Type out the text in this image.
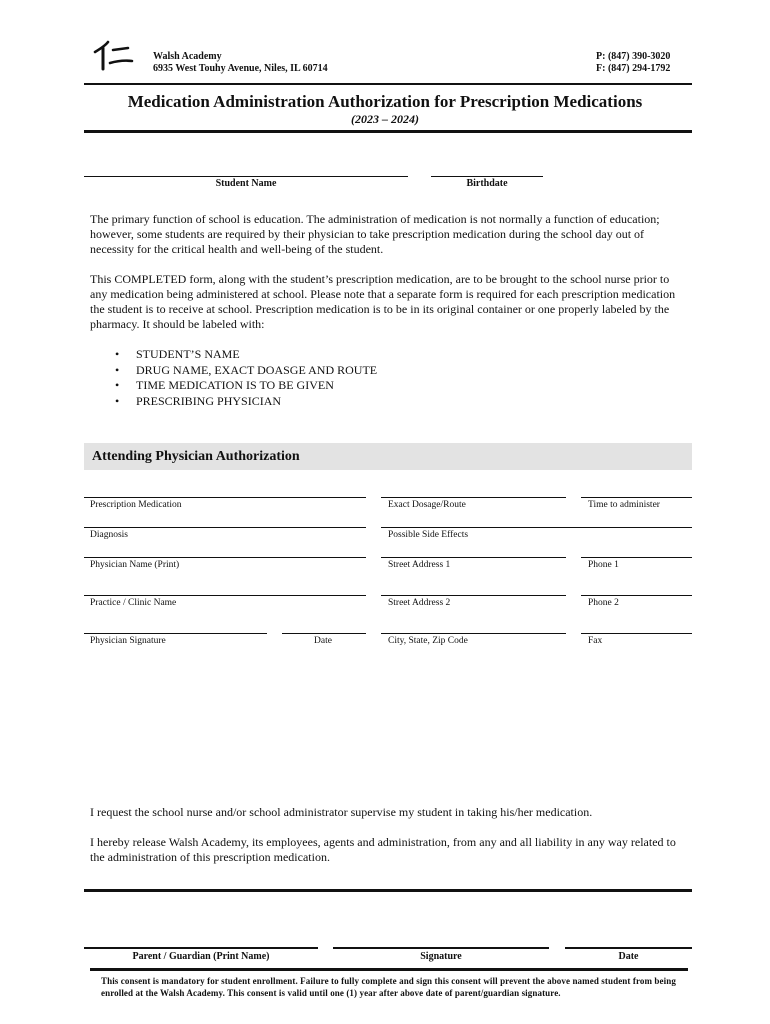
Walsh Academy
6935 West Touhy Avenue, Niles, IL 60714
P: (847) 390-3020
F: (847) 294-1792
Medication Administration Authorization for Prescription Medications
(2023 – 2024)
Student Name	Birthdate
The primary function of school is education. The administration of medication is not normally a function of education; however, some students are required by their physician to take prescription medication during the school day out of necessity for the critical health and well-being of the student.
This COMPLETED form, along with the student’s prescription medication, are to be brought to the school nurse prior to any medication being administered at school. Please note that a separate form is required for each prescription medication the student is to receive at school. Prescription medication is to be in its original container or one properly labeled by the pharmacy. It should be labeled with:
• STUDENT’S NAME
• DRUG NAME, EXACT DOASGE AND ROUTE
• TIME MEDICATION IS TO BE GIVEN
• PRESCRIBING PHYSICIAN
Attending Physician Authorization
Prescription Medication	Exact Dosage/Route	Time to administer
Diagnosis	Possible Side Effects
Physician Name (Print)	Street Address 1	Phone 1
Practice / Clinic Name	Street Address 2	Phone 2
Physician Signature	Date	City, State, Zip Code	Fax
I request the school nurse and/or school administrator supervise my student in taking his/her medication.
I hereby release Walsh Academy, its employees, agents and administration, from any and all liability in any way related to the administration of this prescription medication.
Parent / Guardian (Print Name)	Signature	Date
This consent is mandatory for student enrollment. Failure to fully complete and sign this consent will prevent the above named student from being enrolled at the Walsh Academy. This consent is valid until one (1) year after above date of parent/guardian signature.
